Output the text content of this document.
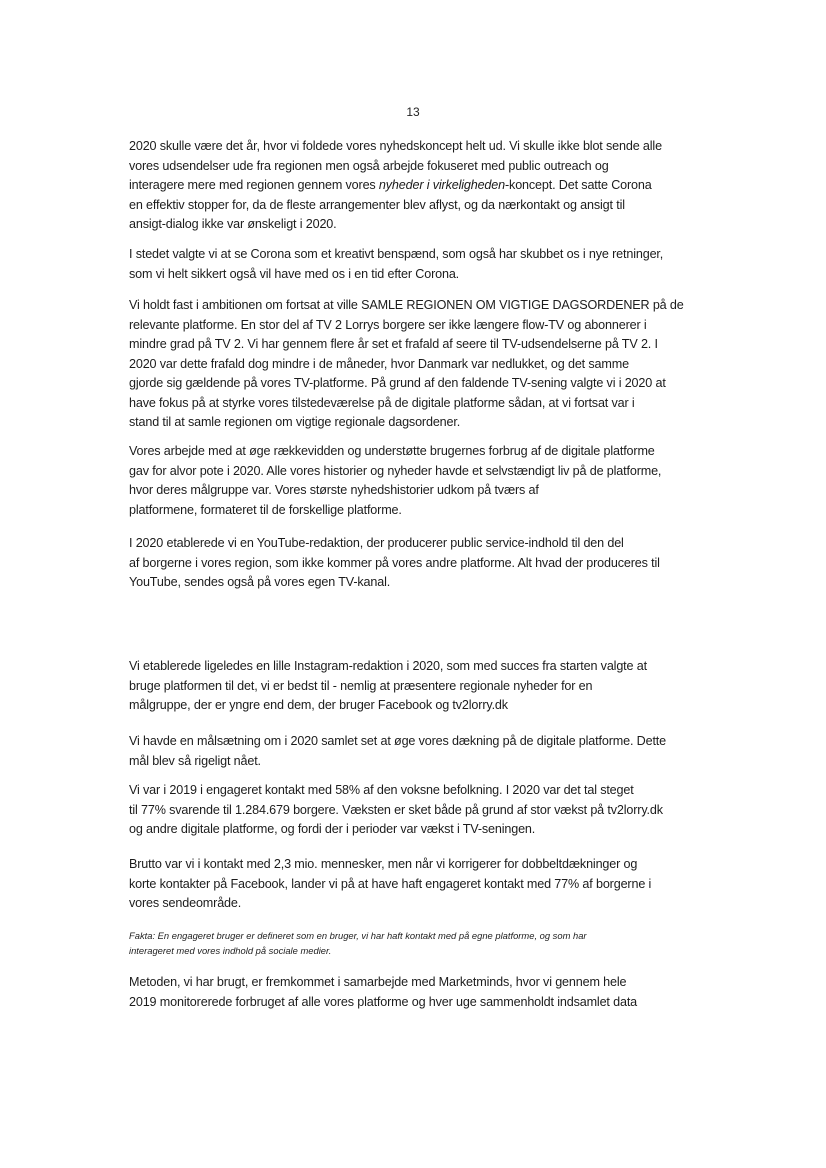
13

2020 skulle være det år, hvor vi foldede vores nyhedskoncept helt ud. Vi skulle ikke blot sende alle
vores udsendelser ude fra regionen men også arbejde fokuseret med public outreach og
interagere mere med regionen gennem vores nyheder i virkeligheden-koncept. Det satte Corona
en effektiv stopper for, da de fleste arrangementer blev aflyst, og da nærkontakt og ansigt til
ansigt-dialog ikke var ønskeligt i 2020.

I stedet valgte vi at se Corona som et kreativt benspænd, som også har skubbet os i nye retninger,
som vi helt sikkert også vil have med os i en tid efter Corona.

Vi holdt fast i ambitionen om fortsat at ville SAMLE REGIONEN OM VIGTIGE DAGSORDENER på de
relevante platforme. En stor del af TV 2 Lorrys borgere ser ikke længere flow-TV og abonnerer i
mindre grad på TV 2. Vi har gennem flere år set et frafald af seere til TV-udsendelserne på TV 2. I
2020 var dette frafald dog mindre i de måneder, hvor Danmark var nedlukket, og det samme
gjorde sig gældende på vores TV-platforme. På grund af den faldende TV-sening valgte vi i 2020 at
have fokus på at styrke vores tilstedeværelse på de digitale platforme sådan, at vi fortsat var i
stand til at samle regionen om vigtige regionale dagsordener.

Vores arbejde med at øge rækkevidden og understøtte brugernes forbrug af de digitale platforme
gav for alvor pote i 2020. Alle vores historier og nyheder havde et selvstændigt liv på de platforme,
hvor deres målgruppe var. Vores største nyhedshistorier udkom på tværs af
platformene, formateret til de forskellige platforme.

I 2020 etablerede vi en YouTube-redaktion, der producerer public service-indhold til den del
af borgerne i vores region, som ikke kommer på vores andre platforme. Alt hvad der produceres til
YouTube, sendes også på vores egen TV-kanal.

Vi etablerede ligeledes en lille Instagram-redaktion i 2020, som med succes fra starten valgte at
bruge platformen til det, vi er bedst til - nemlig at præsentere regionale nyheder for en
målgruppe, der er yngre end dem, der bruger Facebook og tv2lorry.dk

Vi havde en målsætning om i 2020 samlet set at øge vores dækning på de digitale platforme. Dette
mål blev så rigeligt nået.

Vi var i 2019 i engageret kontakt med 58% af den voksne befolkning. I 2020 var det tal steget
til 77% svarende til 1.284.679 borgere. Væksten er sket både på grund af stor vækst på tv2lorry.dk
og andre digitale platforme, og fordi der i perioder var vækst i TV-seningen.

Brutto var vi i kontakt med 2,3 mio. mennesker, men når vi korrigerer for dobbeltdækninger og
korte kontakter på Facebook, lander vi på at have haft engageret kontakt med 77% af borgerne i
vores sendeområde.

Fakta: En engageret bruger er defineret som en bruger, vi har haft kontakt med på egne platforme, og som har
interageret med vores indhold på sociale medier.

Metoden, vi har brugt, er fremkommet i samarbejde med Marketminds, hvor vi gennem hele
2019 monitorerede forbruget af alle vores platforme og hver uge sammenholdt indsamlet data
